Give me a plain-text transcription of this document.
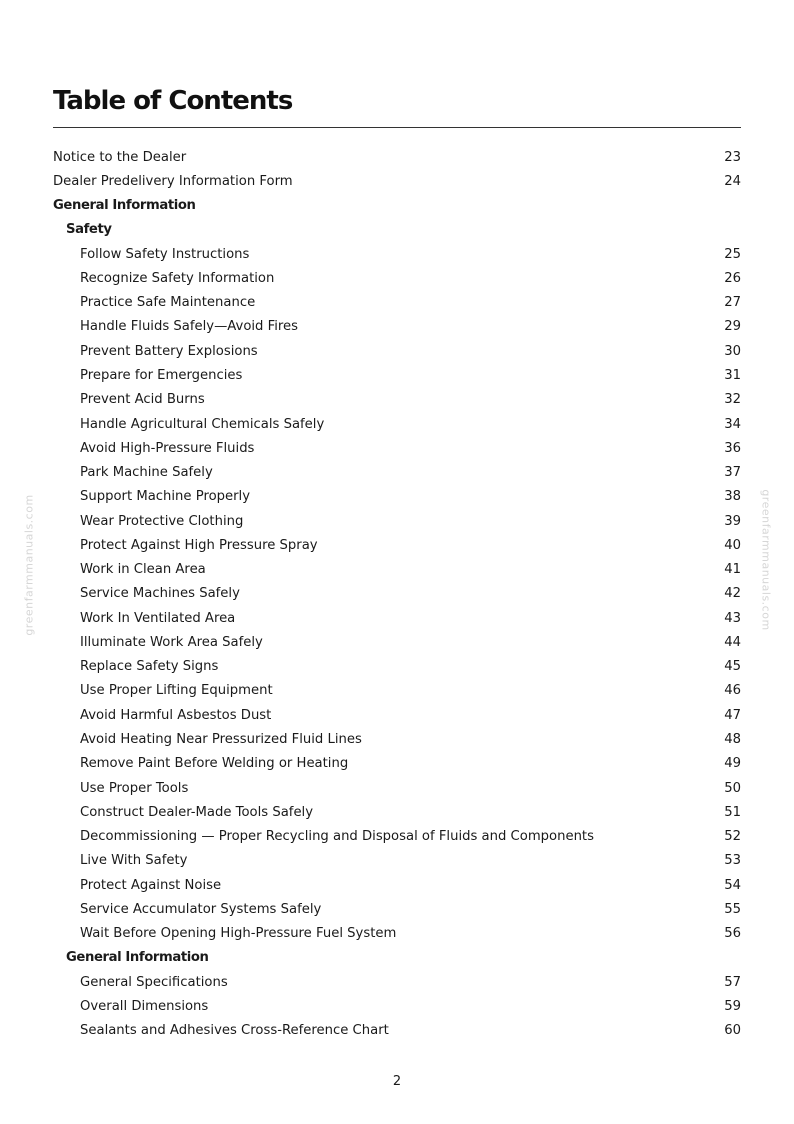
Table of Contents
Notice to the Dealer	23
Dealer Predelivery Information Form	24
General Information
Safety
Follow Safety Instructions	25
Recognize Safety Information	26
Practice Safe Maintenance	27
Handle Fluids Safely—Avoid Fires	29
Prevent Battery Explosions	30
Prepare for Emergencies	31
Prevent Acid Burns	32
Handle Agricultural Chemicals Safely	34
Avoid High-Pressure Fluids	36
Park Machine Safely	37
Support Machine Properly	38
Wear Protective Clothing	39
Protect Against High Pressure Spray	40
Work in Clean Area	41
Service Machines Safely	42
Work In Ventilated Area	43
Illuminate Work Area Safely	44
Replace Safety Signs	45
Use Proper Lifting Equipment	46
Avoid Harmful Asbestos Dust	47
Avoid Heating Near Pressurized Fluid Lines	48
Remove Paint Before Welding or Heating	49
Use Proper Tools	50
Construct Dealer-Made Tools Safely	51
Decommissioning — Proper Recycling and Disposal of Fluids and Components	52
Live With Safety	53
Protect Against Noise	54
Service Accumulator Systems Safely	55
Wait Before Opening High-Pressure Fuel System	56
General Information
General Specifications	57
Overall Dimensions	59
Sealants and Adhesives Cross-Reference Chart	60
2
greenfarmmanuals.com	greenfarmmanuals.com
